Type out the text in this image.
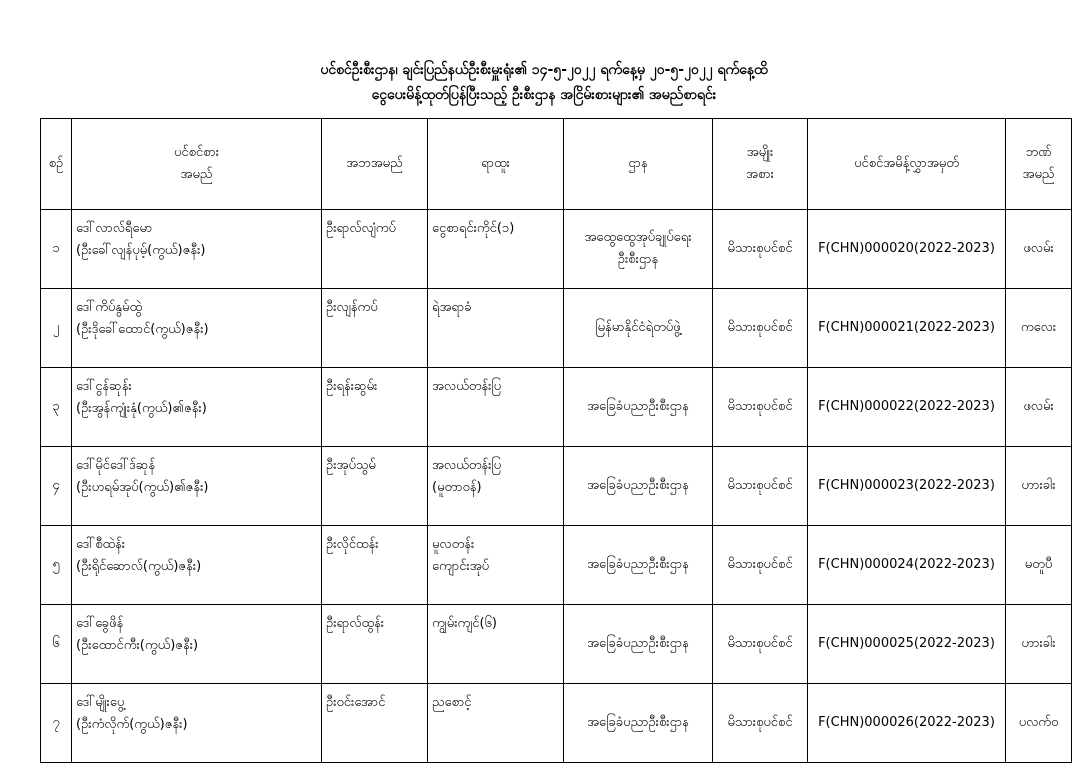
ပင်စင်ဦးစီးဌာန၊ ချင်းပြည်နယ်ဦးစီးမှူးရုံး၏ ၁၄-၅-၂၀၂၂ ရက်နေ့မှ ၂၀-၅-၂၀၂၂ ရက်နေ့ထိ
ငွေပေးမိန့်ထုတ်ပြန်ပြီးသည့် ဦးစီးဌာန အငြိမ်းစားများ၏ အမည်စာရင်း
စဉ်	ပင်စင်စား
အမည်	အဘအမည်	ရာထူး	ဌာန	အမျိုး
အစား	ပင်စင်အမိန့်လွှာအမှတ်	ဘဏ်
အမည်

၁	ဒေါ်လာလ်ရီမော
(ဦးခေါ်လျန်ပုမ့်(ကွယ်)ဇနီး)	ဦးရာလ်လျံကပ်	ငွေစာရင်းကိုင်(၁)	အထွေထွေအုပ်ချုပ်ရေး
ဦးစီးဌာန	မိသားစုပင်စင်	F(CHN)000020(2022-2023)	ဖလမ်း
၂	ဒေါ်ကိပ်နွမ်ထွဲ
(ဦးဒိုခေါ်ထောင်(ကွယ်)ဇနီး)	ဦးလျန်ကပ်	ရဲအရာခံ	မြန်မာနိုင်ငံရဲတပ်ဖွဲ့	မိသားစုပင်စင်	F(CHN)000021(2022-2023)	ကလေး
၃	ဒေါ်ငွန်ဆုန်း
(ဦးအွန်ကျုံးနုံ(ကွယ်)၏ဇနီး)	ဦးရန်းဆွမ်း	အလယ်တန်းပြ	အခြေခံပညာဦးစီးဌာန	မိသားစုပင်စင်	F(CHN)000022(2022-2023)	ဖလမ်း
၄	ဒေါ်မိုင်ဒေါ်ဒ်ဆုန်
(ဦးဟရမ်အုပ်(ကွယ်)၏ဇနီး)	ဦးအုပ်သွမ်	အလယ်တန်းပြ
(မူတာဝန်)	အခြေခံပညာဦးစီးဌာန	မိသားစုပင်စင်	F(CHN)000023(2022-2023)	ဟားခါး
၅	ဒေါ်စီထဲန်း
(ဦးရိုင်ဆောလ်(ကွယ်)ဇနီး)	ဦးလိုင်ထန်း	မူလတန်း
ကျောင်းအုပ်	အခြေခံပညာဦးစီးဌာန	မိသားစုပင်စင်	F(CHN)000024(2022-2023)	မတူပီ
၆	ဒေါ်ခွေဖိန်
(ဦးထောင်ကီး(ကွယ်)ဇနီး)	ဦးရာလ်ထွန်း	ကျွမ်းကျင်(၆)	အခြေခံပညာဦးစီးဌာန	မိသားစုပင်စင်	F(CHN)000025(2022-2023)	ဟားခါး
၇	ဒေါ်မျိုးပွေ့
(ဦးကံလိုက်(ကွယ်)ဇနီး)	ဦးဝင်းအောင်	ညစောင့်	အခြေခံပညာဦးစီးဌာန	မိသားစုပင်စင်	F(CHN)000026(2022-2023)	ပလက်ဝ
